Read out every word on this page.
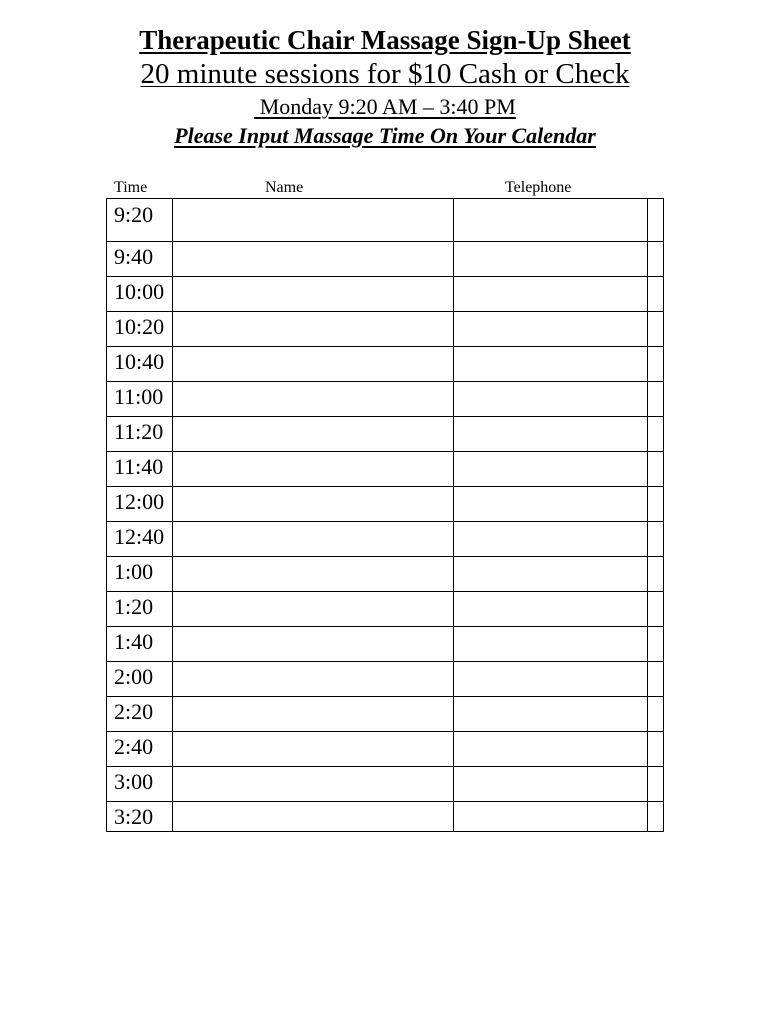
Therapeutic Chair Massage Sign-Up Sheet
20 minute sessions for $10 Cash or Check
Monday 9:20 AM – 3:40 PM
Please Input Massage Time On Your Calendar
Time	Name	Telephone
9:20
9:40
10:00
10:20
10:40
11:00
11:20
11:40
12:00
12:40
1:00
1:20
1:40
2:00
2:20
2:40
3:00
3:20
